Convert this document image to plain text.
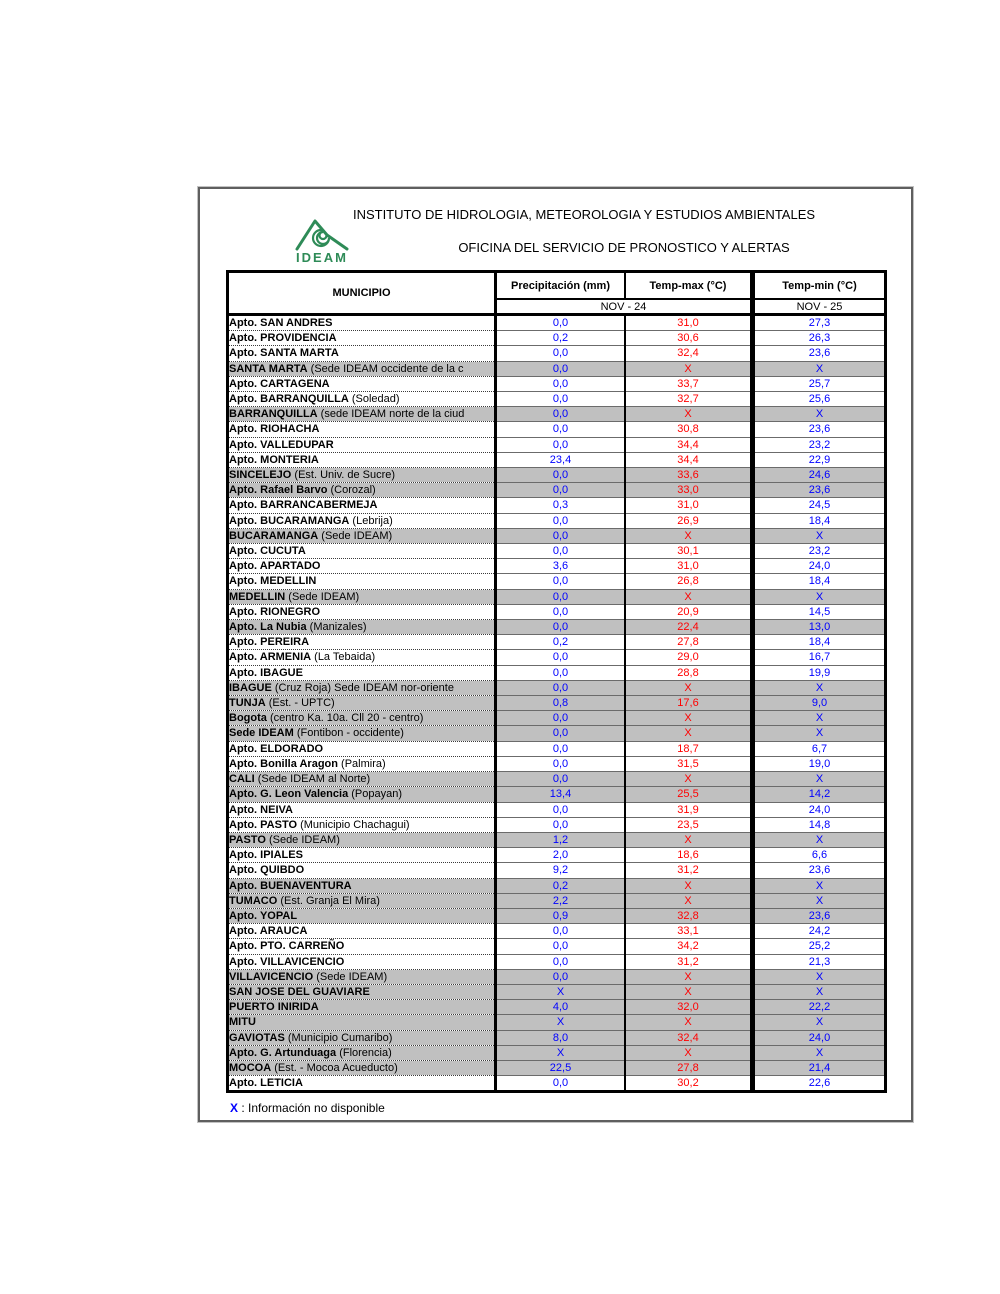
INSTITUTO DE HIDROLOGIA, METEOROLOGIA Y ESTUDIOS AMBIENTALES
OFICINA DEL SERVICIO DE PRONOSTICO Y ALERTAS
IDEAM
MUNICIPIO	Precipitación (mm)	Temp-max (°C)	Temp-min (°C)
	NOV - 24		NOV - 25
Apto. SAN ANDRES	0,0	31,0	27,3
Apto. PROVIDENCIA	0,2	30,6	26,3
Apto. SANTA MARTA	0,0	32,4	23,6
SANTA MARTA (Sede IDEAM occidente de la c	0,0	X	X
Apto. CARTAGENA	0,0	33,7	25,7
Apto. BARRANQUILLA (Soledad)	0,0	32,7	25,6
BARRANQUILLA (sede IDEAM norte de la ciud	0,0	X	X
Apto. RIOHACHA	0,0	30,8	23,6
Apto. VALLEDUPAR	0,0	34,4	23,2
Apto. MONTERIA	23,4	34,4	22,9
SINCELEJO (Est. Univ. de Sucre)	0,0	33,6	24,6
Apto. Rafael Barvo (Corozal)	0,0	33,0	23,6
Apto. BARRANCABERMEJA	0,3	31,0	24,5
Apto. BUCARAMANGA (Lebrija)	0,0	26,9	18,4
BUCARAMANGA (Sede IDEAM)	0,0	X	X
Apto. CUCUTA	0,0	30,1	23,2
Apto. APARTADO	3,6	31,0	24,0
Apto. MEDELLIN	0,0	26,8	18,4
MEDELLIN (Sede IDEAM)	0,0	X	X
Apto. RIONEGRO	0,0	20,9	14,5
Apto. La Nubia (Manizales)	0,0	22,4	13,0
Apto. PEREIRA	0,2	27,8	18,4
Apto. ARMENIA (La Tebaida)	0,0	29,0	16,7
Apto. IBAGUE	0,0	28,8	19,9
IBAGUE (Cruz Roja) Sede IDEAM nor-oriente	0,0	X	X
TUNJA (Est. - UPTC)	0,8	17,6	9,0
Bogota (centro Ka. 10a. Cll 20 - centro)	0,0	X	X
Sede IDEAM (Fontibon - occidente)	0,0	X	X
Apto. ELDORADO	0,0	18,7	6,7
Apto. Bonilla Aragon (Palmira)	0,0	31,5	19,0
CALI (Sede IDEAM al Norte)	0,0	X	X
Apto. G. Leon Valencia (Popayan)	13,4	25,5	14,2
Apto. NEIVA	0,0	31,9	24,0
Apto. PASTO (Municipio Chachagui)	0,0	23,5	14,8
PASTO (Sede IDEAM)	1,2	X	X
Apto. IPIALES	2,0	18,6	6,6
Apto. QUIBDO	9,2	31,2	23,6
Apto. BUENAVENTURA	0,2	X	X
TUMACO (Est. Granja El Mira)	2,2	X	X
Apto. YOPAL	0,9	32,8	23,6
Apto. ARAUCA	0,0	33,1	24,2
Apto. PTO. CARREÑO	0,0	34,2	25,2
Apto. VILLAVICENCIO	0,0	31,2	21,3
VILLAVICENCIO (Sede IDEAM)	0,0	X	X
SAN JOSE DEL GUAVIARE	X	X	X
PUERTO INIRIDA	4,0	32,0	22,2
MITU	X	X	X
GAVIOTAS (Municipio Cumaribo)	8,0	32,4	24,0
Apto. G. Artunduaga (Florencia)	X	X	X
MOCOA (Est. - Mocoa Acueducto)	22,5	27,8	21,4
Apto. LETICIA	0,0	30,2	22,6
X : Información no disponible
